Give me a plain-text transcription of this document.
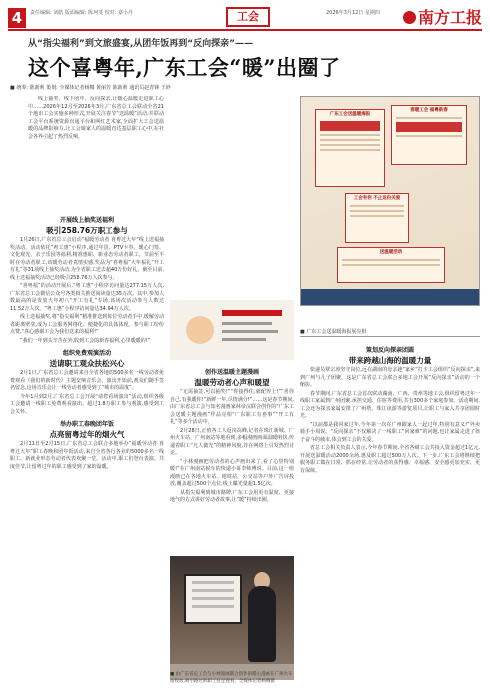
4	责任编辑: 刘皓 版面编辑: 陈珂斐 校对: 嘉小丹	工会	2026年3月12日 星期四	南方工报
从“指尖福利”到文旅盛宴,从团年饭再到“反向探亲”——
这个喜粤年,广东工会“暖”出圈了
■ 统筹: 陈新莉 策划: 全媒体记者杨娜 黄丽芳 陈新莉 通讯员赵青锋 王妙

线上抽奖、线下团年、反向探亲,让暖心温暖走进职工心中……2026年12月至2026年3月,广东省总工会联动全省21个地市工会实施多种形式,开展关注春节“送温暖”活动,并联动工会平台系统资源直通平台和网红艺术家,全面扩大工会送温暖的品牌影响力,让工会娘家人的温暖直达基层职工心中,在社会各界引起了热烈反响。

开展线上抽奖送福利
吸引258.76万职工参与

1月26日,广东省总工会启动“福暖劳动者 喜粤过大年”线上送福抽奖活动。活动依托“粤工惠”小程序,通过年货、PTV卡券、暖心门票、文化观光、亲子乐园等福利,精准惠职、新业态劳动者职工。节前至平时在劳动者职工,该暖劳动者真情实感,奖品为“喜粤福”大年福礼“开工有礼”等31项线上抽奖活动,为全省职工送去超40万份好礼。截至目前,线上送福抽奖活动已经吸引258.76万人次参与。

“喜粤福”的活动开展后,“粤工惠”小程序访问量达277.15万人次,广东省总工会微信公众号各类相关推送阅读量达35万次。其中,参加人数最高的是发放大年初八“开工有礼”专场,该场次活动参与人数达11.52万人次。“粤工惠”小程序访问量达34.94万人次。

线上送福抽奖,将“指尖福利”精准推送到每位劳动者手中,缓解劳动者距离壁垒,成为工会服务网络化、便捷化的具体体现。参与职工纷纷点赞,“真心感谢工会为我们送来的福利!”

“我们一年到头辛苦在外,收到工会的新春福利,心里暖暖的!”

组织免费观演活动
送请职工观众扶松兴心

2月1日,广东省总工会邀请来自全省各地的500多名一线劳动者免费观看《我们的新时代》主题交响音乐会。演出开始前,观众们随手签名留念,这场音乐会让一线劳动者感受到了“城市的温度”。

今年1月到2月,广东省总工会开展“请您看场演出”活动,组织各级工会邀请一线职工免费观看演出。超过1.8万职工参与观演,感受到工会关怀。

举办职工春晚团年饭
点亮留粤过年的烟火气

2月11日至2月15日,广东省总工会联合多地举办“福暖劳动者 喜粤过大年”职工春晚和团年饭活动,来自全省各行各业的5000多名一线职工、新就业形态劳动者代表欢聚一堂。活动中,职工们登台表演、共度佳节,让留粤过年的职工感受到了家的温暖。

创作送温暖主题漫画
温暖劳动者心声和暖望

“无需抽签,可以抽奖!”“你接得住,就配得上!”“喜你自己,有我暖你!”新鲜一年,尽情满分!”……这是春节期间,由广东省总工会与知名漫画家林帝浣联合创作的“广东工会送暖主题漫画”作品亮相“广东职工有喜事”“开工有礼”等多个活动中。

2月28日,正值各工人返岗高峰,记者在珠江新城、广州火车站、广州南站等地看到,多幅漫画画面温暖明快,传递着职工“凡人微光”的精神风貌,并在网络上引发热烈讨论。

“小林漫画把劳动者的心声画出来了,看了心里特别暖!”在广州南站候车的快递小哥李师傅说。目前,这一组漫画已在各地火车站、地铁站、公交站等户外广告屏投放,覆盖超过500个点位,线上曝光量超1.5亿次。

从指尖福利到城市路牌,广东工会用更有温度、更接地气的方式讲好劳动者故事,让“暖”持续出圈。

广东工会送温暖海报
春暖工会 福粤新春
工会有你 不止这份关爱
送温暖活动
■ 由广东省总工会与小林漫画联合创作的暖心漫画在广州火车站投放,吸引路过的职工驻足观看。全媒体记者杨娜摄
■ 广东工会送温暖海报展亮相
策划反向探亲团圆
带来跨越山海的温暖力量

快递员覃宗涛坚守岗位,远在湖南的母亲趁“家乡”打卡工会组织“反向探亲”,来到广州与儿子团聚。这是广东省总工会联合多地工会开展“反向探亲”活动的一个缩影。

春节期间,广东省总工会首次联动湖南、广西、贵州等地工会,组织留粤过年一线职工家属到广州团聚,承担交通、住宿等费用,共有300多个家庭参加。活动期间,工会还为探亲家属安排了广州塔、珠江夜游等游览项目,让职工与家人共享团圆时光。

“以前都是我回家过年,今年第一次在广州跟家人一起过年,特别有意义!”外卖骑手小周说。“反向探亲”不仅解决了一线职工“回家难”的问题,也让家属走进了孩子奋斗的城市,体会到工会的关爱。

省总工会相关负责人表示,今年春节期间,全省各级工会共投入资金超过1亿元,开展送温暖活动2000余场,惠及职工超过500万人次。下一步,广东工会将继续把服务职工做在日常、抓在经常,让劳动者的获得感、幸福感、安全感更加充实、更有保障。
